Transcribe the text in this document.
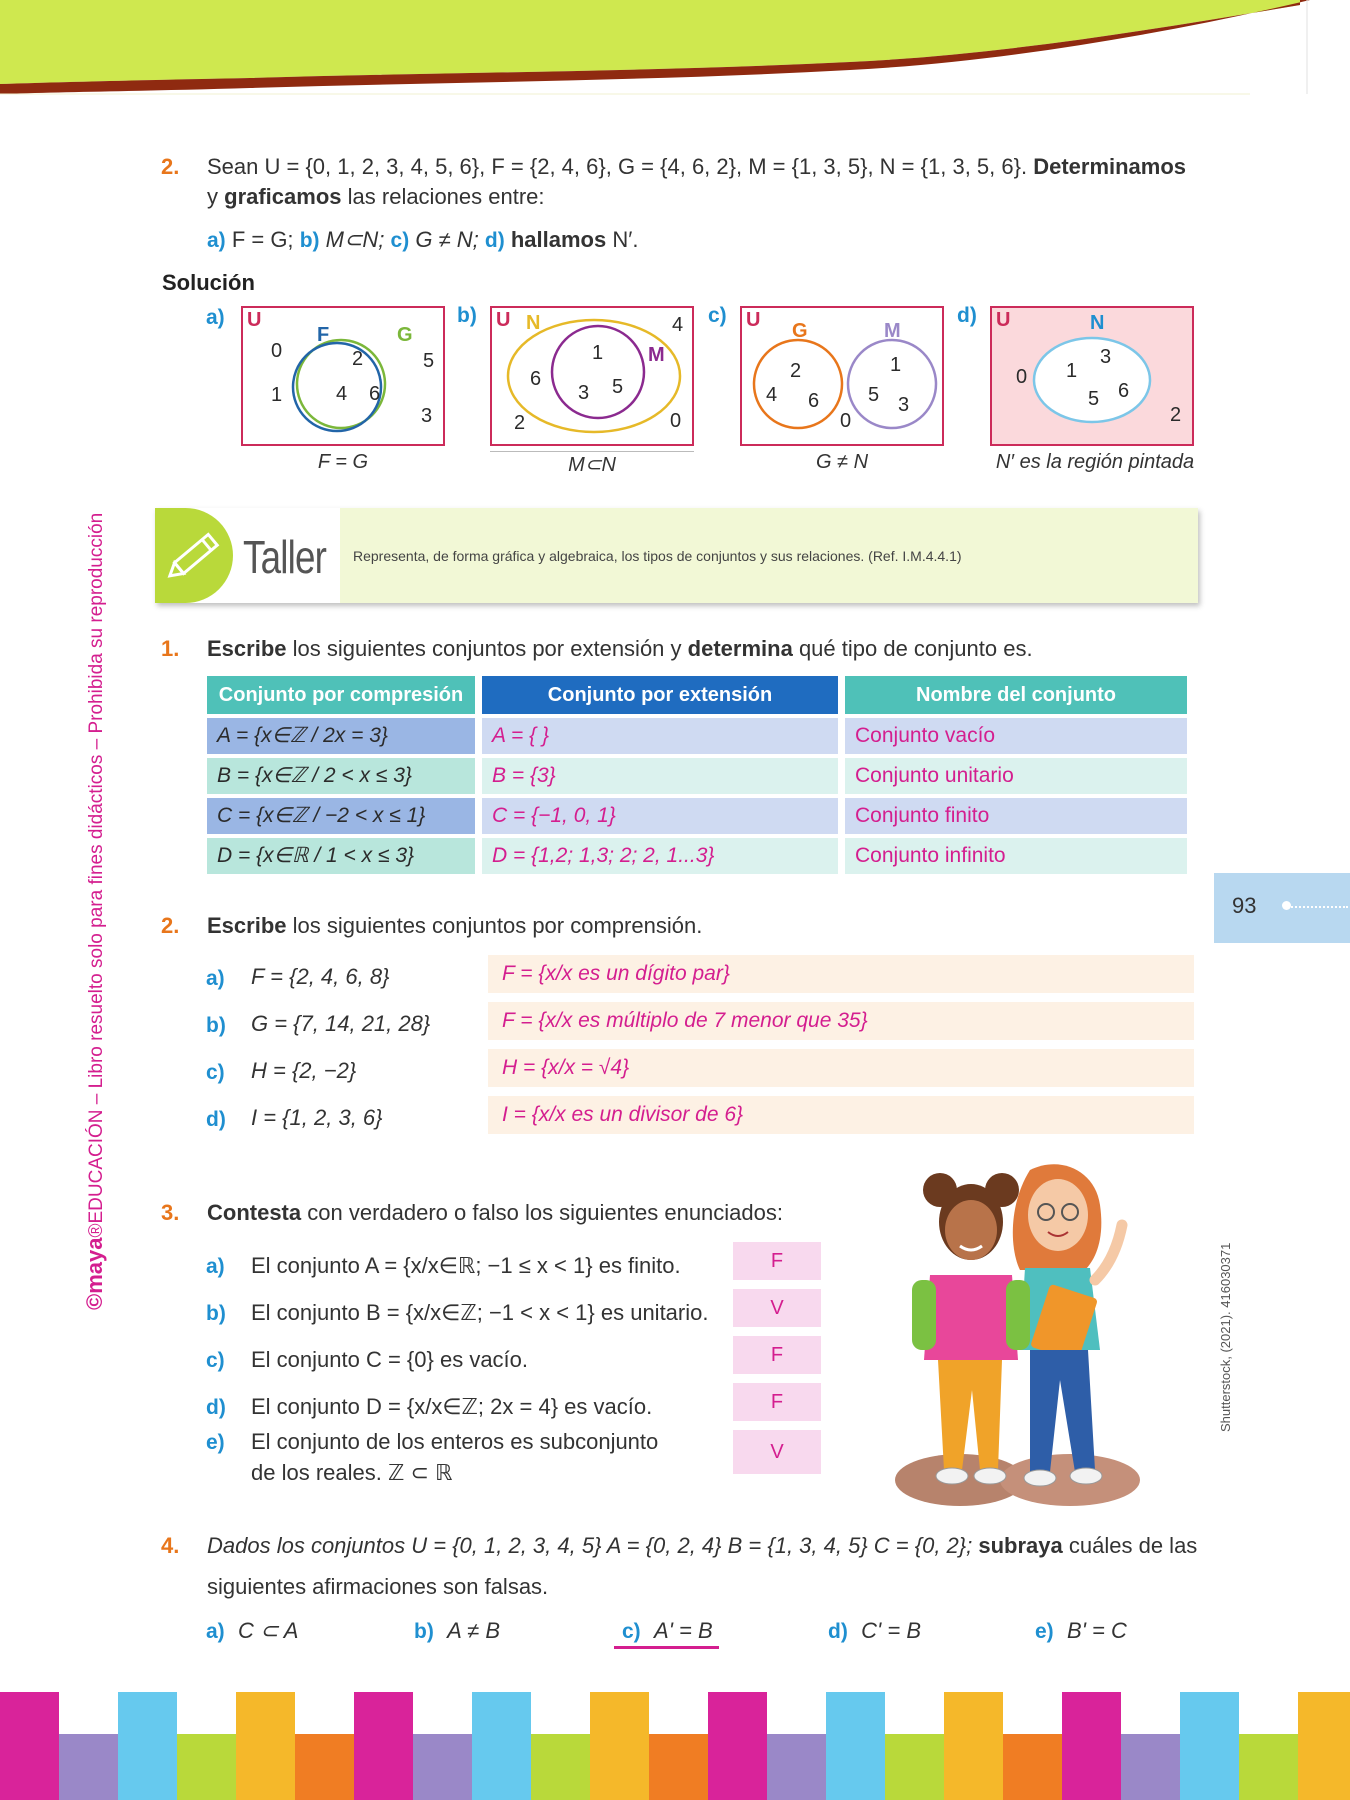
©maya®EDUCACIÓN – Libro resuelto solo para fines didácticos – Prohibida su reproducción	93
2. Sean U = {0, 1, 2, 3, 4, 5, 6}, F = {2, 4, 6}, G = {4, 6, 2}, M = {1, 3, 5}, N = {1, 3, 5, 6}. Determinamos
y graficamos las relaciones entre:
a) F = G; b) M⊂N; c) G ≠ N; d) hallamos N′.
Solución
a) U
F	G
0
1
5
3
2
4 6
F = G
b) U N
M
4
2	0
6
1
3 5
M⊂N
c) U G	M
2
4 6
1
5 3
0
G ≠ N
d) U	N
0
2
1
3
5 6
N′ es la región pintada
Taller Representa, de forma gráfica y algebraica, los tipos de conjuntos y sus relaciones. (Ref. I.M.4.4.1)
1. Escribe los siguientes conjuntos por extensión y determina qué tipo de conjunto es.
Conjunto por compresión	Conjunto por extensión	Nombre del conjunto
A = {x∈ℤ / 2x = 3}	A = { }	Conjunto vacío
B = {x∈ℤ / 2 < x ≤ 3}	B = {3}	Conjunto unitario
C = {x∈ℤ / −2 < x ≤ 1}	C = {−1, 0, 1}	Conjunto finito
D = {x∈ℝ / 1 < x ≤ 3}	D = {1,2; 1,3; 2; 2, 1...3}	Conjunto infinito
2. Escribe los siguientes conjuntos por comprensión.
a) F = {2, 4, 6, 8}	F = {x/x es un dígito par}
b) G = {7, 14, 21, 28}	F = {x/x es múltiplo de 7 menor que 35}
c) H = {2, −2}	H = {x/x = √4}
d) I = {1, 2, 3, 6}	I = {x/x es un divisor de 6}
3. Contesta con verdadero o falso los siguientes enunciados:
a) El conjunto A = {x/x∈ℝ; −1 ≤ x < 1} es finito.	F
b) El conjunto B = {x/x∈ℤ; −1 < x < 1} es unitario.	V
c) El conjunto C = {0} es vacío.	F
d) El conjunto D = {x/x∈ℤ; 2x = 4} es vacío.	F
e) El conjunto de los enteros es subconjunto
de los reales. ℤ ⊂ ℝ
V
Shutterstock, (2021). 416030371
4. Dados los conjuntos U = {0, 1, 2, 3, 4, 5} A = {0, 2, 4} B = {1, 3, 4, 5} C = {0, 2}; subraya cuáles de las
siguientes afirmaciones son falsas.
a) C ⊂ A	b) A ≠ B	c) A' = B	d) C' = B	e) B' = C
